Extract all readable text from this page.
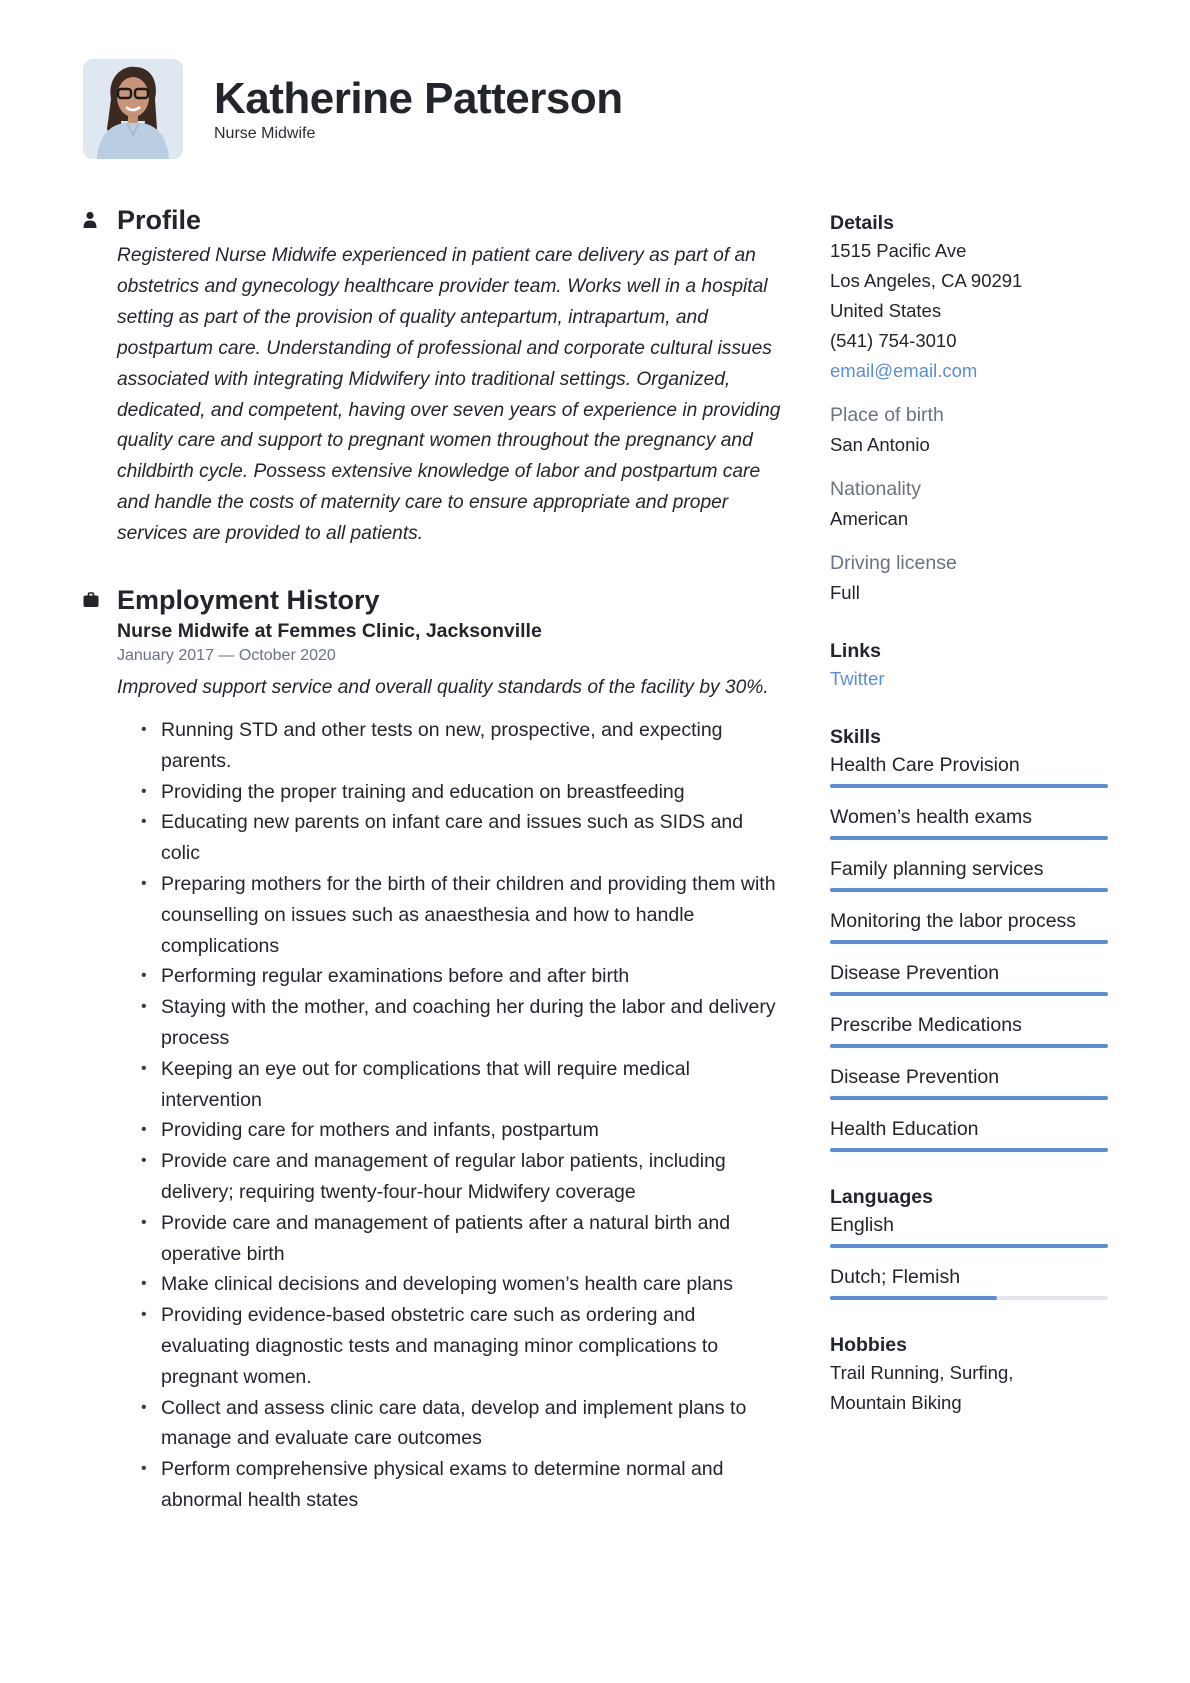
Katherine Patterson
Nurse Midwife
Profile
Registered Nurse Midwife experienced in patient care delivery as part of an obstetrics and gynecology healthcare provider team. Works well in a hospital setting as part of the provision of quality antepartum, intrapartum, and postpartum care. Understanding of professional and corporate cultural issues associated with integrating Midwifery into traditional settings. Organized, dedicated, and competent, having over seven years of experience in providing quality care and support to pregnant women throughout the pregnancy and childbirth cycle. Possess extensive knowledge of labor and postpartum care and handle the costs of maternity care to ensure appropriate and proper services are provided to all patients.
Employment History
Nurse Midwife at Femmes Clinic, Jacksonville
January 2017 — October 2020
Improved support service and overall quality standards of the facility by 30%.
• Running STD and other tests on new, prospective, and expecting parents.
• Providing the proper training and education on breastfeeding
• Educating new parents on infant care and issues such as SIDS and colic
• Preparing mothers for the birth of their children and providing them with counselling on issues such as anaesthesia and how to handle complications
• Performing regular examinations before and after birth
• Staying with the mother, and coaching her during the labor and delivery process
• Keeping an eye out for complications that will require medical intervention
• Providing care for mothers and infants, postpartum
• Provide care and management of regular labor patients, including delivery; requiring twenty-four-hour Midwifery coverage
• Provide care and management of patients after a natural birth and operative birth
• Make clinical decisions and developing women’s health care plans
• Providing evidence-based obstetric care such as ordering and evaluating diagnostic tests and managing minor complications to pregnant women.
• Collect and assess clinic care data, develop and implement plans to manage and evaluate care outcomes
• Perform comprehensive physical exams to determine normal and abnormal health states
Details
1515 Pacific Ave
Los Angeles, CA 90291
United States
(541) 754-3010
email@email.com
Place of birth
San Antonio
Nationality
American
Driving license
Full
Links
Twitter
Skills
Health Care Provision
Women’s health exams
Family planning services
Monitoring the labor process
Disease Prevention
Prescribe Medications
Disease Prevention
Health Education
Languages
English
Dutch; Flemish
Hobbies
Trail Running, Surfing, Mountain Biking
